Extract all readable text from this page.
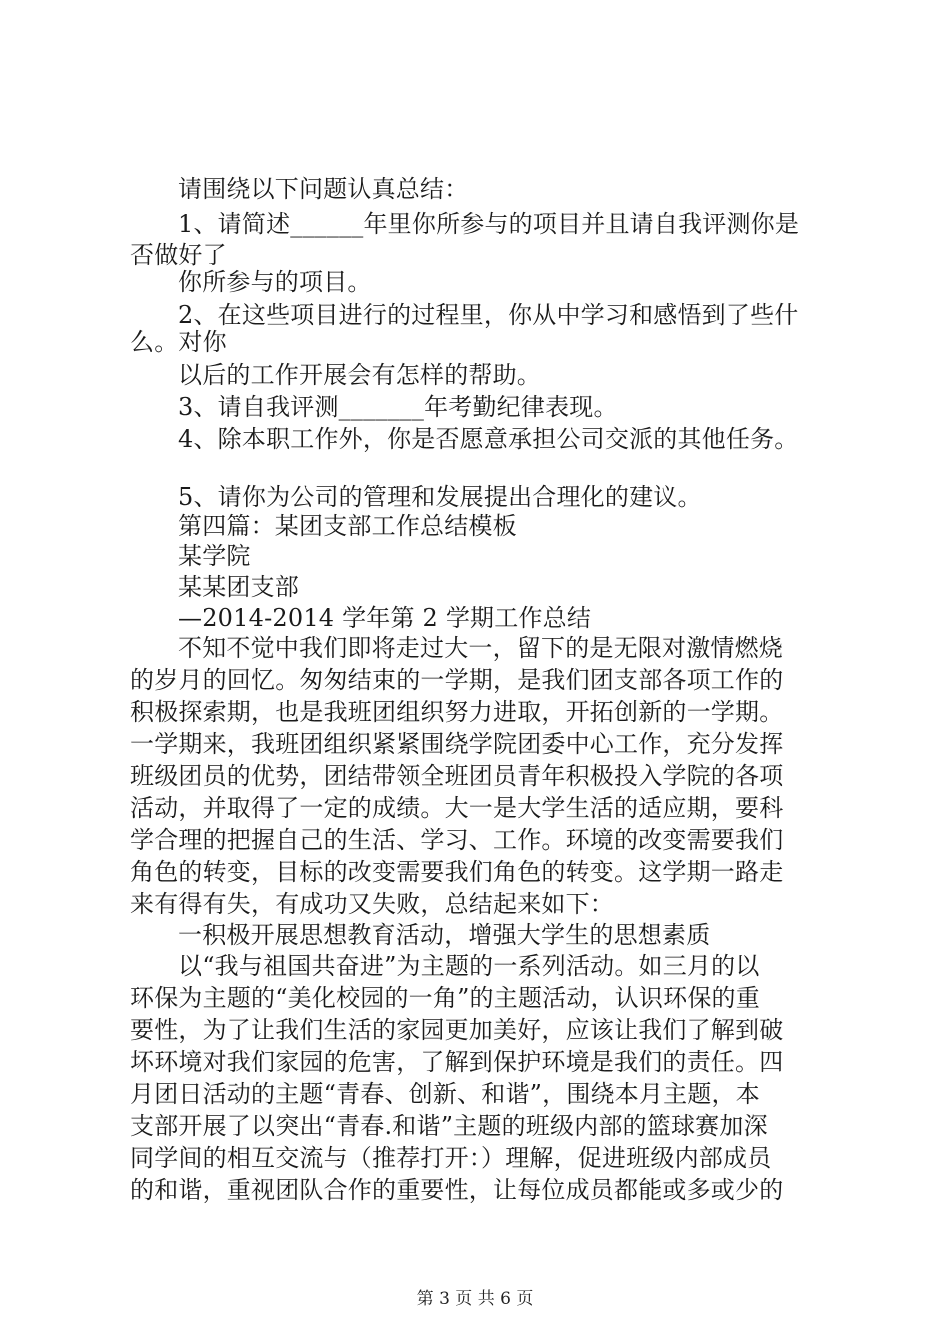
请围绕以下问题认真总结：
1、请简述______年里你所参与的项目并且请自我评测你是
否做好了
你所参与的项目。
2、在这些项目进行的过程里，你从中学习和感悟到了些什
么。对你
以后的工作开展会有怎样的帮助。
3、请自我评测_______年考勤纪律表现。
4、除本职工作外，你是否愿意承担公司交派的其他任务。
5、请你为公司的管理和发展提出合理化的建议。
第四篇：某团支部工作总结模板
某学院
某某团支部
—2014-2014 学年第 2 学期工作总结
不知不觉中我们即将走过大一，留下的是无限对激情燃烧
的岁月的回忆。匆匆结束的一学期，是我们团支部各项工作的
积极探索期，也是我班团组织努力进取，开拓创新的一学期。
一学期来，我班团组织紧紧围绕学院团委中心工作，充分发挥
班级团员的优势，团结带领全班团员青年积极投入学院的各项
活动，并取得了一定的成绩。大一是大学生活的适应期，要科
学合理的把握自己的生活、学习、工作。环境的改变需要我们
角色的转变，目标的改变需要我们角色的转变。这学期一路走
来有得有失，有成功又失败，总结起来如下：
一积极开展思想教育活动，增强大学生的思想素质
以“我与祖国共奋进”为主题的一系列活动。如三月的以
环保为主题的“美化校园的一角”的主题活动，认识环保的重
要性，为了让我们生活的家园更加美好，应该让我们了解到破
坏环境对我们家园的危害，了解到保护环境是我们的责任。四
月团日活动的主题“青春、创新、和谐”，围绕本月主题，本
支部开展了以突出“青春.和谐”主题的班级内部的篮球赛加深
同学间的相互交流与（推荐打开：）理解，促进班级内部成员
的和谐，重视团队合作的重要性，让每位成员都能或多或少的
第 3 页 共 6 页
